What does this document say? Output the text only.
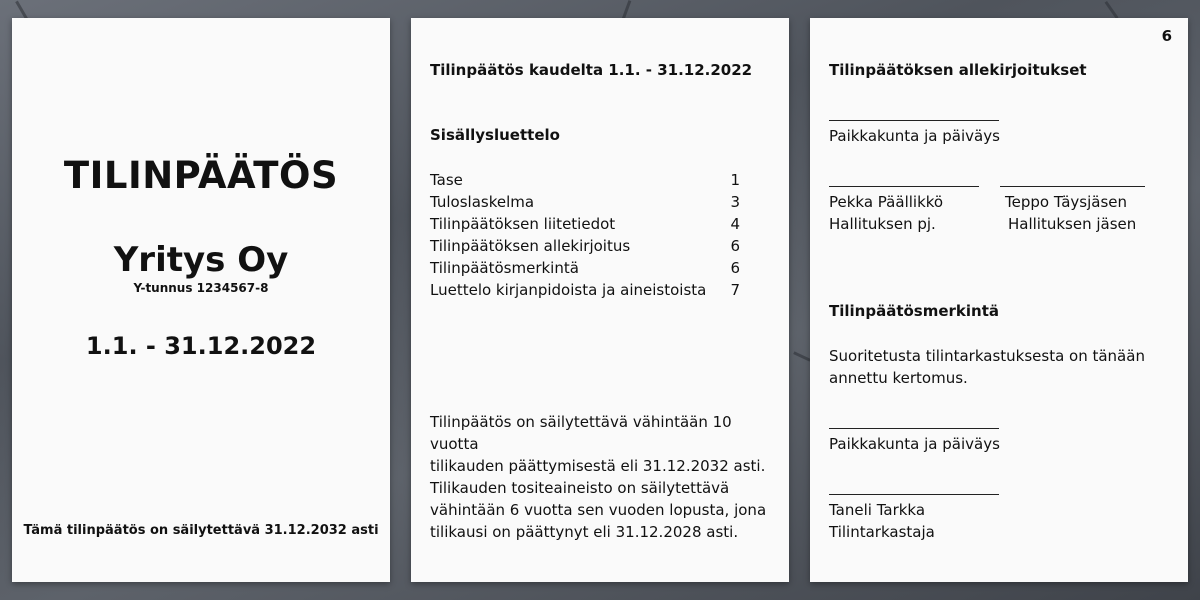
TILINPÄÄTÖS
Yritys Oy
Y-tunnus 1234567-8
1.1. - 31.12.2022
Tämä tilinpäätös on säilytettävä 31.12.2032 asti
Tilinpäätös kaudelta 1.1. - 31.12.2022
Sisällysluettelo
Tase	1
Tuloslaskelma	3
Tilinpäätöksen liitetiedot	4
Tilinpäätöksen allekirjoitus	6
Tilinpäätösmerkintä	6
Luettelo kirjanpidoista ja aineistoista 7
Tilinpäätös on säilytettävä vähintään 10 vuotta
tilikauden päättymisestä eli 31.12.2032 asti.
Tilikauden tositeaineisto on säilytettävä
vähintään 6 vuotta sen vuoden lopusta, jona
tilikausi on päättynyt eli 31.12.2028 asti.
6
Tilinpäätöksen allekirjoitukset
Paikkakunta ja päiväys
Pekka Päällikkö
Hallituksen pj.
Teppo Täysjäsen
Hallituksen jäsen
Tilinpäätösmerkintä
Suoritetusta tilintarkastuksesta on tänään
annettu kertomus.
Paikkakunta ja päiväys
Taneli Tarkka
Tilintarkastaja
